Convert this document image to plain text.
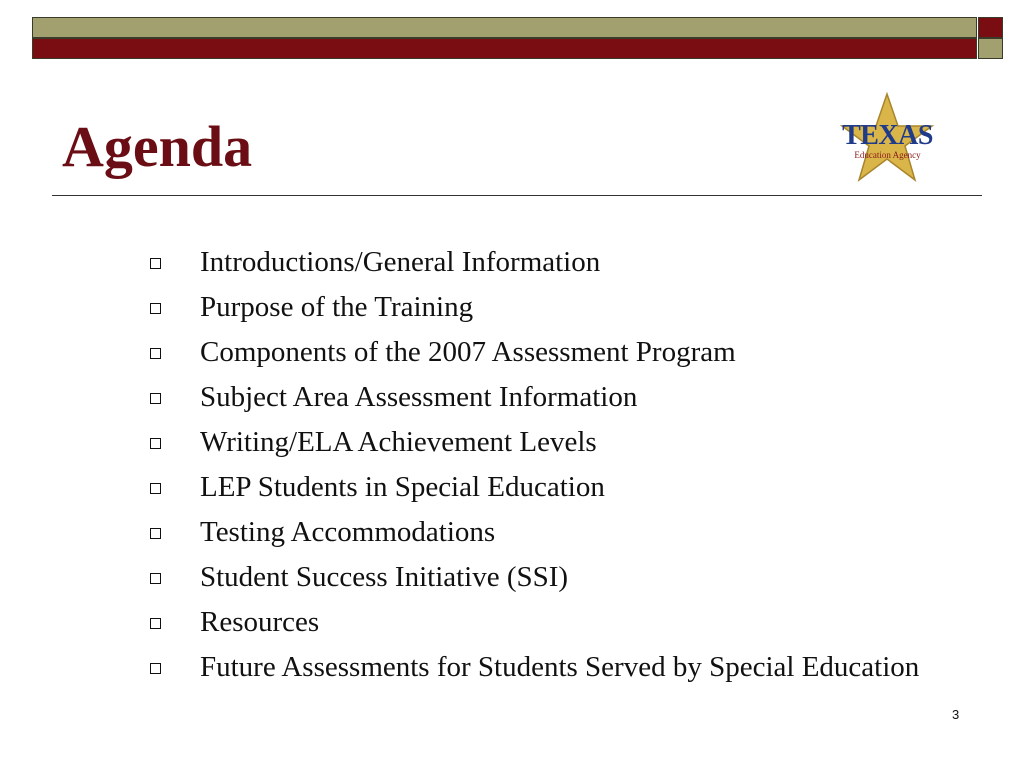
Agenda	TEXAS
Education Agency
Introductions/General Information
Purpose of the Training
Components of the 2007 Assessment Program
Subject Area Assessment Information
Writing/ELA Achievement Levels
LEP Students in Special Education
Testing Accommodations
Student Success Initiative (SSI)
Resources
Future Assessments for Students Served by Special Education
3
